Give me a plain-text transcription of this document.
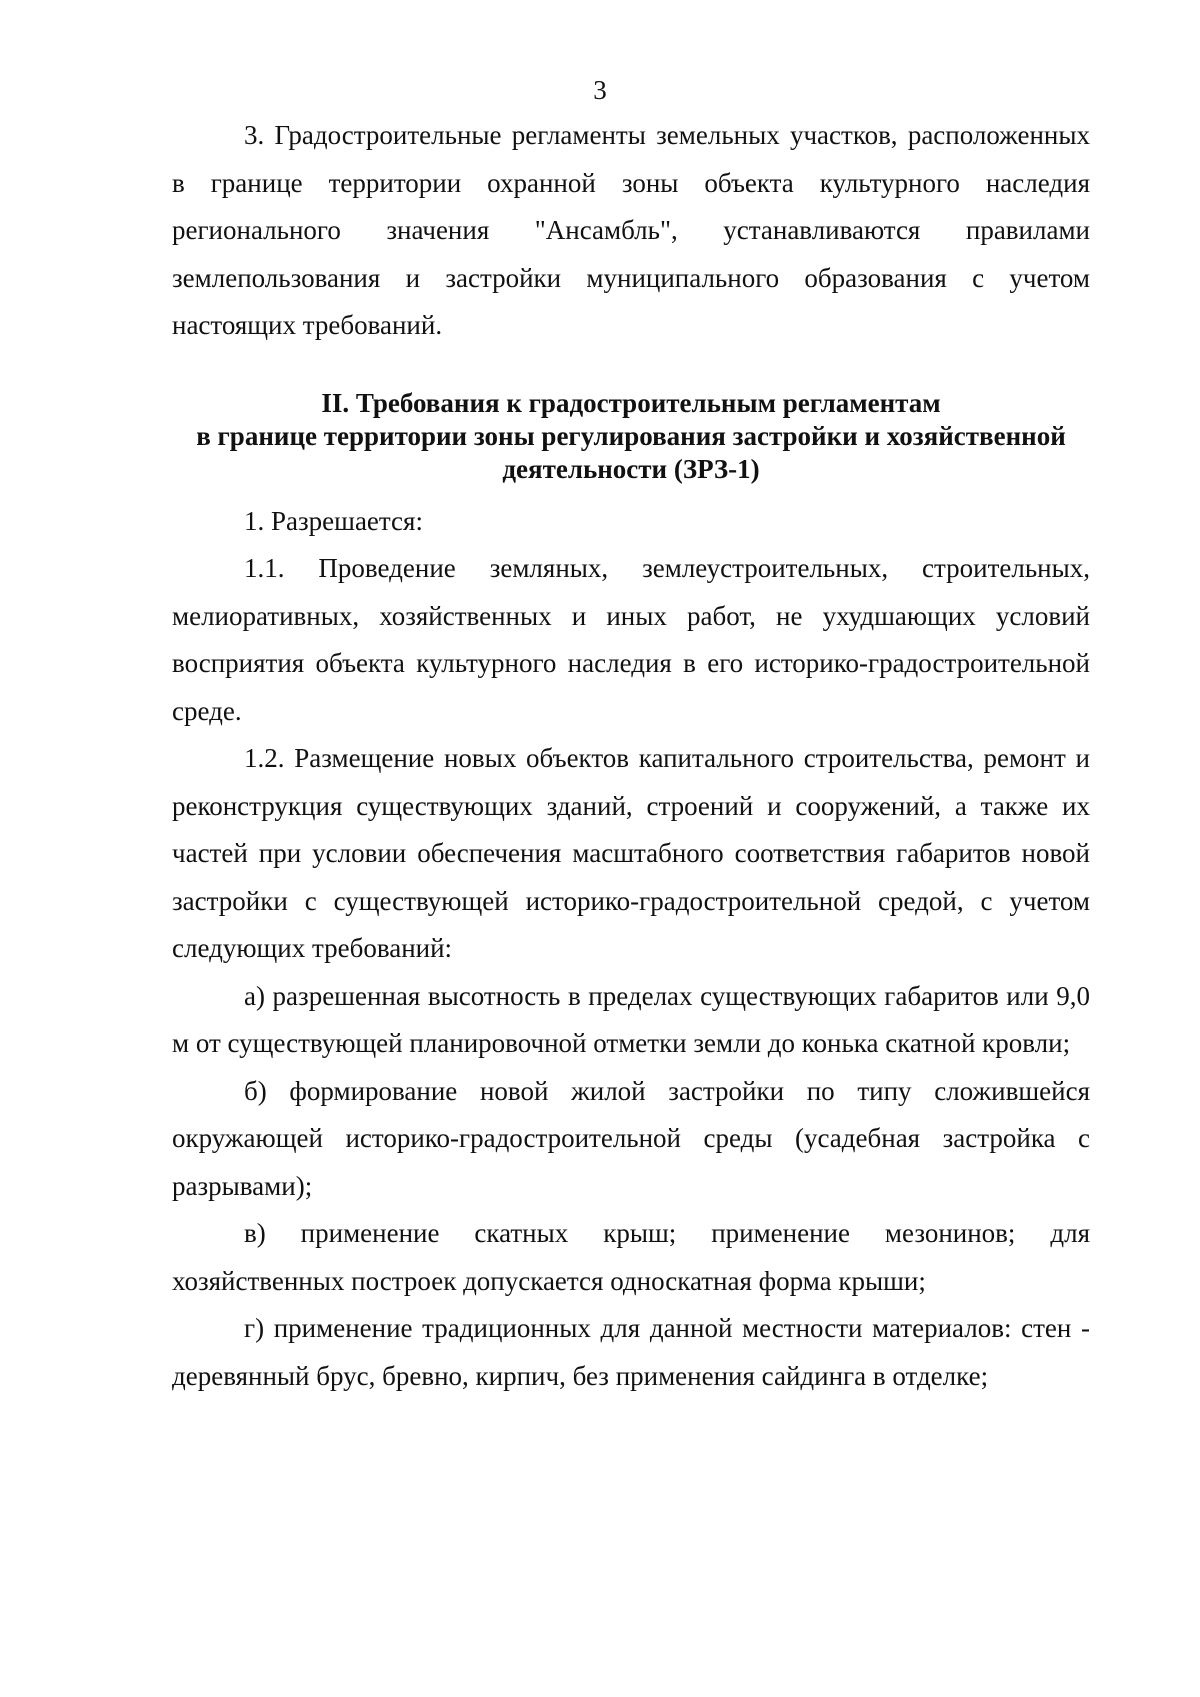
3

3. Градостроительные регламенты земельных участков, расположенных в границе территории охранной зоны объекта культурного наследия регионального значения "Ансамбль", устанавливаются правилами землепользования и застройки муниципального образования с учетом настоящих требований.

II. Требования к градостроительным регламентам
в границе территории зоны регулирования застройки и хозяйственной
деятельности (ЗРЗ-1)

1. Разрешается:

1.1. Проведение земляных, землеустроительных, строительных, мелиоративных, хозяйственных и иных работ, не ухудшающих условий восприятия объекта культурного наследия в его историко-градостроительной среде.

1.2. Размещение новых объектов капитального строительства, ремонт и реконструкция существующих зданий, строений и сооружений, а также их частей при условии обеспечения масштабного соответствия габаритов новой застройки с существующей историко-градостроительной средой, с учетом следующих требований:

а) разрешенная высотность в пределах существующих габаритов или 9,0 м от существующей планировочной отметки земли до конька скатной кровли;

б) формирование новой жилой застройки по типу сложившейся окружающей историко-градостроительной среды (усадебная застройка с разрывами);

в) применение скатных крыш; применение мезонинов; для хозяйственных построек допускается односкатная форма крыши;

г) применение традиционных для данной местности материалов: стен - деревянный брус, бревно, кирпич, без применения сайдинга в отделке;
